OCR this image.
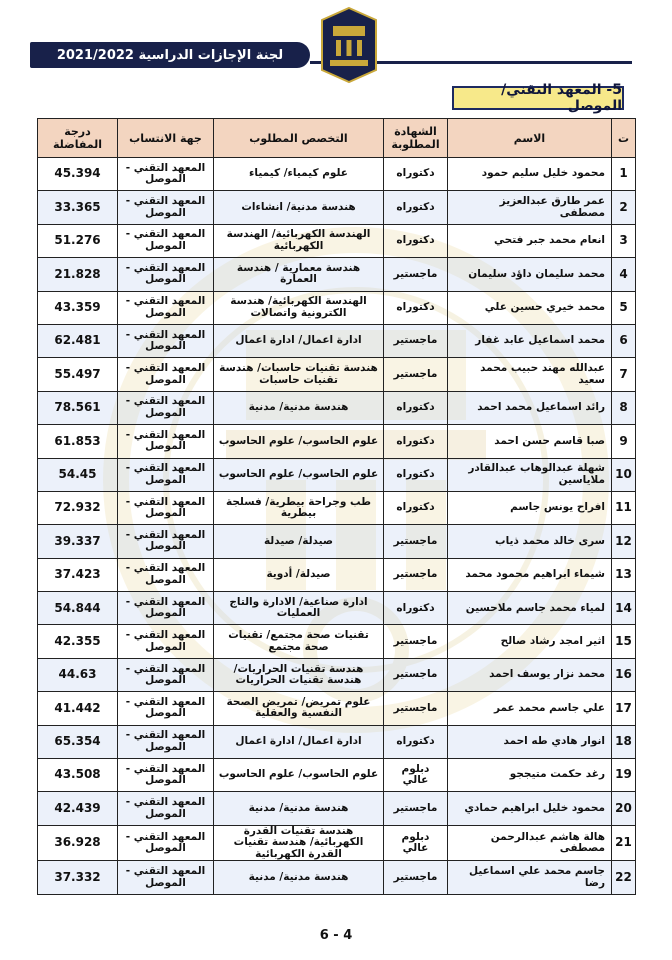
لجنة الإجازات الدراسية 2021/2022
5- المعهد التقني/ الموصل
ت	الاسم	الشهادة المطلوبة	التخصص المطلوب	جهة الانتساب	درجة المفاضلة
1	محمود خليل سليم حمود	دكتوراه	علوم كيمياء/ كيمياء	المعهد التقني - الموصل	45.394
2	عمر طارق عبدالعزيز مصطفى	دكتوراه	هندسة مدنية/ انشاءات	المعهد التقني - الموصل	33.365
3	انعام محمد جبر فتحي	دكتوراه	الهندسة الكهربائية/ الهندسة الكهربائية	المعهد التقني - الموصل	51.276
4	محمد سليمان داؤد سليمان	ماجستير	هندسة معمارية / هندسة العمارة	المعهد التقني - الموصل	21.828
5	محمد خيري حسين علي	دكتوراه	الهندسة الكهربائية/ هندسة الكترونية واتصالات	المعهد التقني - الموصل	43.359
6	محمد اسماعيل عابد غفار	ماجستير	ادارة اعمال/ ادارة اعمال	المعهد التقني - الموصل	62.481
7	عبدالله مهند حبيب محمد سعيد	ماجستير	هندسة تقنيات حاسبات/ هندسة تقنيات حاسبات	المعهد التقني - الموصل	55.497
8	رائد اسماعيل محمد احمد	دكتوراه	هندسة مدنية/ مدنية	المعهد التقني - الموصل	78.561
9	صبا قاسم حسن احمد	دكتوراه	علوم الحاسوب/ علوم الحاسوب	المعهد التقني - الموصل	61.853
10	شهلة عبدالوهاب عبدالقادر ملاياسين	دكتوراه	علوم الحاسوب/ علوم الحاسوب	المعهد التقني - الموصل	54.45
11	افراح يونس جاسم	دكتوراه	طب وجراحة بيطرية/ فسلجة بيطرية	المعهد التقني - الموصل	72.932
12	سرى خالد محمد ذياب	ماجستير	صيدلة/ صيدلة	المعهد التقني - الموصل	39.337
13	شيماء ابراهيم محمود محمد	ماجستير	صيدلة/ أدوية	المعهد التقني - الموصل	37.423
14	لمياء محمد جاسم ملاحسين	دكتوراه	ادارة صناعية/ الادارة والتاج العمليات	المعهد التقني - الموصل	54.844
15	اثير امجد رشاد صالح	ماجستير	تقنيات صحة مجتمع/ تقنيات صحة مجتمع	المعهد التقني - الموصل	42.355
16	محمد نزار يوسف احمد	ماجستير	هندسة تقنيات الحراريات/ هندسة تقنيات الحراريات	المعهد التقني - الموصل	44.63
17	علي جاسم محمد عمر	ماجستير	علوم تمريض/ تمريض الصحة النفسية والعقلية	المعهد التقني - الموصل	41.442
18	انوار هادي طه احمد	دكتوراه	ادارة اعمال/ ادارة اعمال	المعهد التقني - الموصل	65.354
19	رغد حكمت متيججو	دبلوم عالي	علوم الحاسوب/ علوم الحاسوب	المعهد التقني - الموصل	43.508
20	محمود خليل ابراهيم حمادي	ماجستير	هندسة مدنية/ مدنية	المعهد التقني - الموصل	42.439
21	هالة هاشم عبدالرحمن مصطفى	دبلوم عالي	هندسة تقنيات القدرة الكهربائية/ هندسة تقنيات القدرة الكهربائية	المعهد التقني - الموصل	36.928
22	جاسم محمد علي اسماعيل رضا	ماجستير	هندسة مدنية/ مدنية	المعهد التقني - الموصل	37.332
6 - 4
